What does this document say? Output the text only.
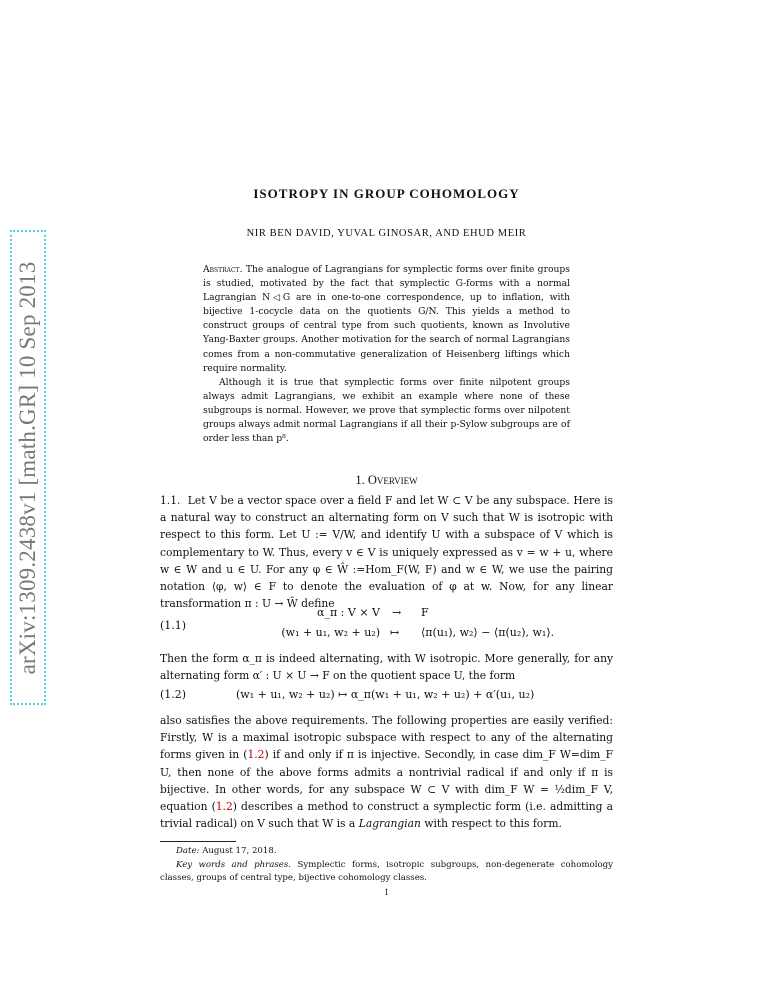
arXiv:1309.2438v1 [math.GR] 10 Sep 2013
ISOTROPY IN GROUP COHOMOLOGY
NIR BEN DAVID, YUVAL GINOSAR, AND EHUD MEIR

Abstract. The analogue of Lagrangians for symplectic forms over finite groups is studied, motivated by the fact that symplectic G-forms with a normal Lagrangian N◁G are in one-to-one correspondence, up to inflation, with bijective 1-cocycle data on the quotients G/N. This yields a method to construct groups of central type from such quotients, known as Involutive Yang-Baxter groups. Another motivation for the search of normal Lagrangians comes from a non-commutative generalization of Heisenberg liftings which require normality.

Although it is true that symplectic forms over finite nilpotent groups always admit Lagrangians, we exhibit an example where none of these subgroups is normal. However, we prove that symplectic forms over nilpotent groups always admit normal Lagrangians if all their p-Sylow subgroups are of order less than p⁸.

1. Overview

1.1. Let V be a vector space over a field F and let W ⊂ V be any subspace. Here is a natural way to construct an alternating form on V such that W is isotropic with respect to this form. Let U := V/W, and identify U with a subspace of V which is complementary to W. Thus, every v ∈ V is uniquely expressed as v = w + u, where w ∈ W and u ∈ U. For any φ ∈ Ŵ :=Hom_F(W, F) and w ∈ W, we use the pairing notation ⟨φ, w⟩ ∈ F to denote the evaluation of φ at w. Now, for any linear transformation π : U → Ŵ define

(1.1)
α_π : V × V → F
(w₁ + u₁, w₂ + u₂) ↦ ⟨π(u₁), w₂⟩ − ⟨π(u₂), w₁⟩.

Then the form α_π is indeed alternating, with W isotropic. More generally, for any alternating form α′ : U × U → F on the quotient space U, the form

(1.2)	(w₁ + u₁, w₂ + u₂) ↦ α_π(w₁ + u₁, w₂ + u₂) + α′(u₁, u₂)

also satisfies the above requirements. The following properties are easily verified: Firstly, W is a maximal isotropic subspace with respect to any of the alternating forms given in (1.2) if and only if π is injective. Secondly, in case dim_F W=dim_F U, then none of the above forms admits a nontrivial radical if and only if π is bijective. In other words, for any subspace W ⊂ V with dim_F W = ½dim_F V, equation (1.2) describes a method to construct a symplectic form (i.e. admitting a trivial radical) on V such that W is a Lagrangian with respect to this form.

Date: August 17, 2018.
Key words and phrases. Symplectic forms, isotropic subgroups, non-degenerate cohomology classes, groups of central type, bijective cohomology classes.
1
